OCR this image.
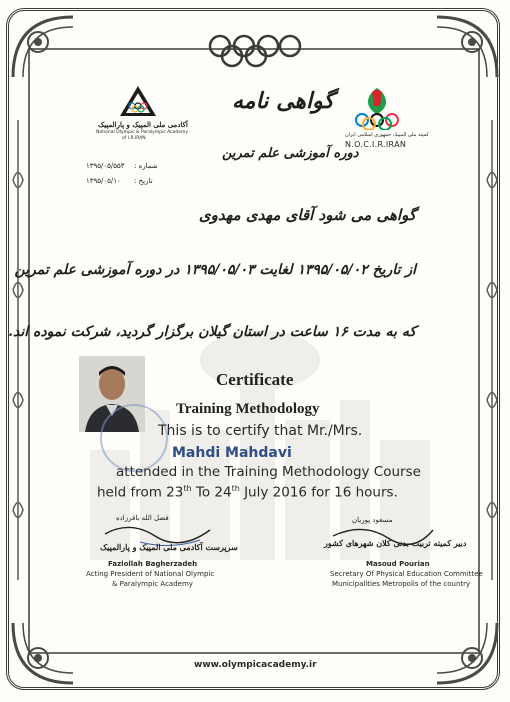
آکادمی ملی المپیک و پارالمپیک
National Olympic & Paralympic Academy
of I.R.IRAN
کمیته ملی المپیک جمهوری اسلامی ایران
N.O.C.I.R.IRAN
گواهی نامه
دوره آموزشی علم تمرین
شماره :
۱۳۹۵/۰۵/۵۵۳
تاریخ :
۱۳۹۵/۰۵/۱۰
گواهی می شود آقای مهدی مهدوی
از تاریخ ۱۳۹۵/۰۵/۰۲ لغایت ۱۳۹۵/۰۵/۰۳ در دوره آموزشی علم تمرین
که به مدت ۱۶ ساعت در استان گیلان برگزار گردید، شرکت نموده اند.
Certificate
Training Methodology
This is to certify that Mr./Mrs.
Mahdi Mahdavi
attended in the Training Methodology Course
held from 23th To 24th July 2016 for 16 hours.
فضل الله باقرزاده
سرپرست آکادمی ملی المپیک و پارالمپیک
Fazlollah Bagherzadeh
Acting President of National Olympic
& Paralympic Academy
مسعود پوریان
دبیر کمیته تربیت بدنی کلان شهرهای کشور
Masoud Pourian
Secretary Of Physical Education Committee
Municipalities Metropolis of the country
www.olympicacademy.ir
